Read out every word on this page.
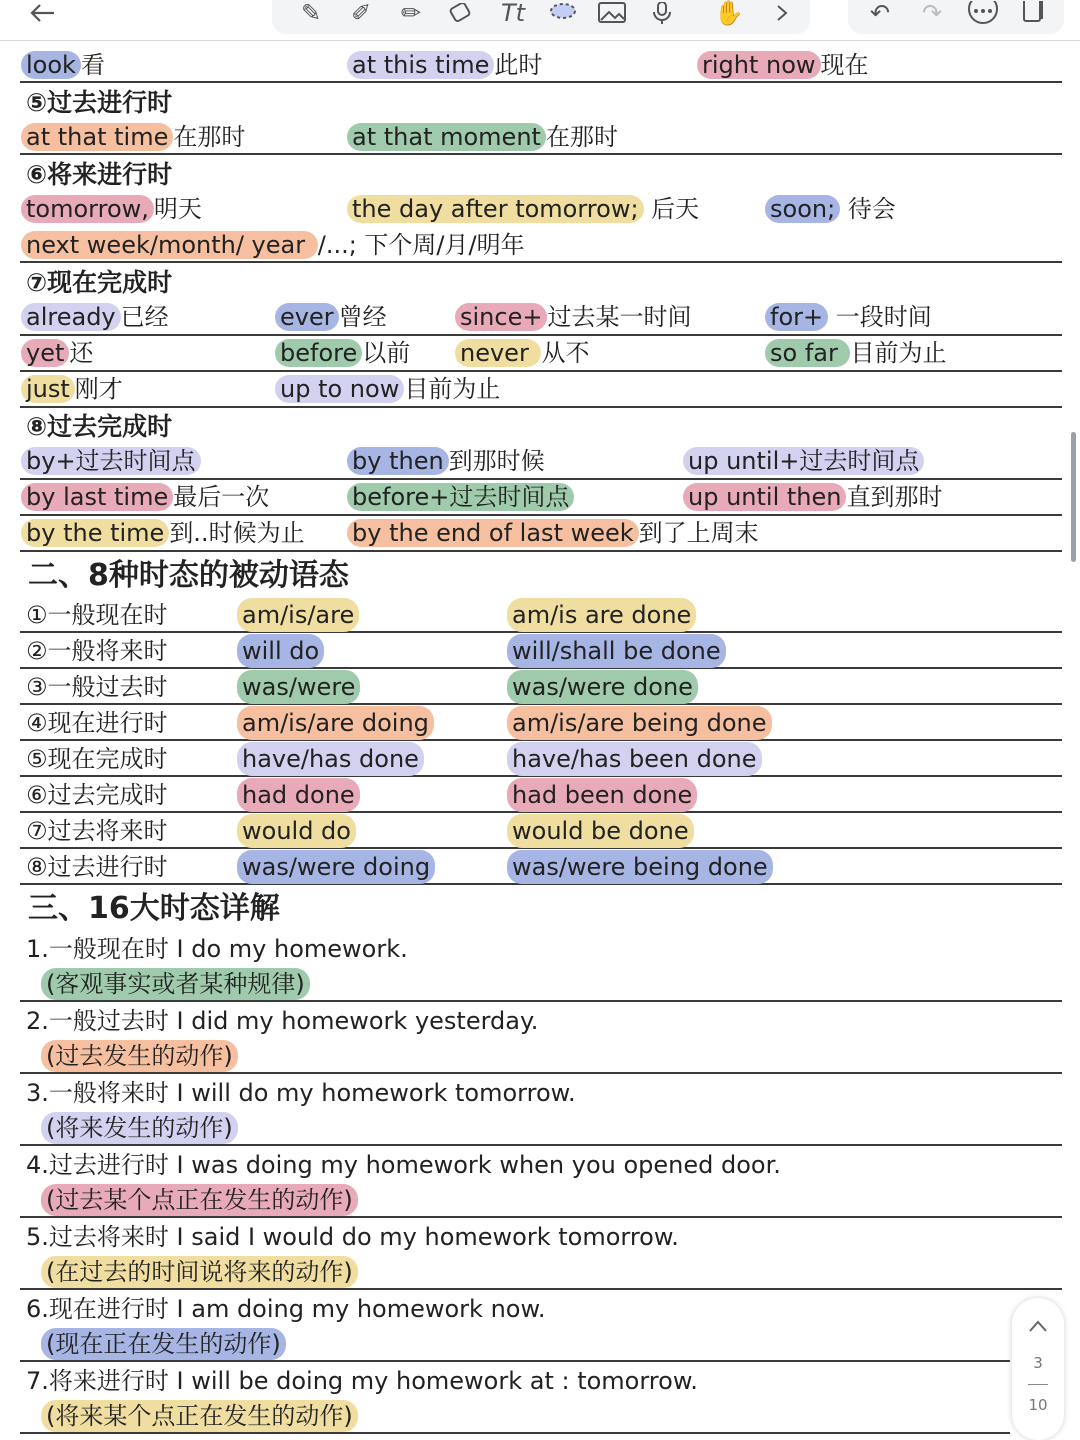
✎ ✐ ✏	Tt	✋	↶ ↷
look 看	at this time 此时	right now 现在
⑤过去进行时
at that time 在那时	at that moment 在那时
⑥将来进行时
tomorrow, 明天	the day after tomorrow; 后天	soon; 待会
next week/month/ year /...; 下个周/月/明年
⑦现在完成时
already 已经	ever 曾经	since+ 过去某一时间	for+ 一段时间
yet 还	before 以前 never 从不	so far 目前为止
just 刚才	up to now 目前为止
⑧过去完成时
by+过去时间点	by then 到那时候	up until+过去时间点
by last time 最后一次	before+过去时间点	up until then 直到那时
by the time 到..时候为止 by the end of last week 到了上周末
二、8种时态的被动语态
①一般现在时	am/is/are	am/is are done
②一般将来时	will do	will/shall be done
③一般过去时	was/were	was/were done
④现在进行时	am/is/are doing	am/is/are being done
⑤现在完成时	have/has done	have/has been done
⑥过去完成时	had done	had been done
⑦过去将来时	would do	would be done
⑧过去进行时	was/were doing	was/were being done
三、16大时态详解
1.一般现在时 I do my homework.
(客观事实或者某种规律)
2.一般过去时 I did my homework yesterday.
(过去发生的动作)
3.一般将来时 I will do my homework tomorrow.
(将来发生的动作)
4.过去进行时 I was doing my homework when you opened door.
(过去某个点正在发生的动作)
5.过去将来时 I said I would do my homework tomorrow.
(在过去的时间说将来的动作)
6.现在进行时 I am doing my homework now.
(现在正在发生的动作)
7.将来进行时 I will be doing my homework at : tomorrow.
(将来某个点正在发生的动作)
3
10
